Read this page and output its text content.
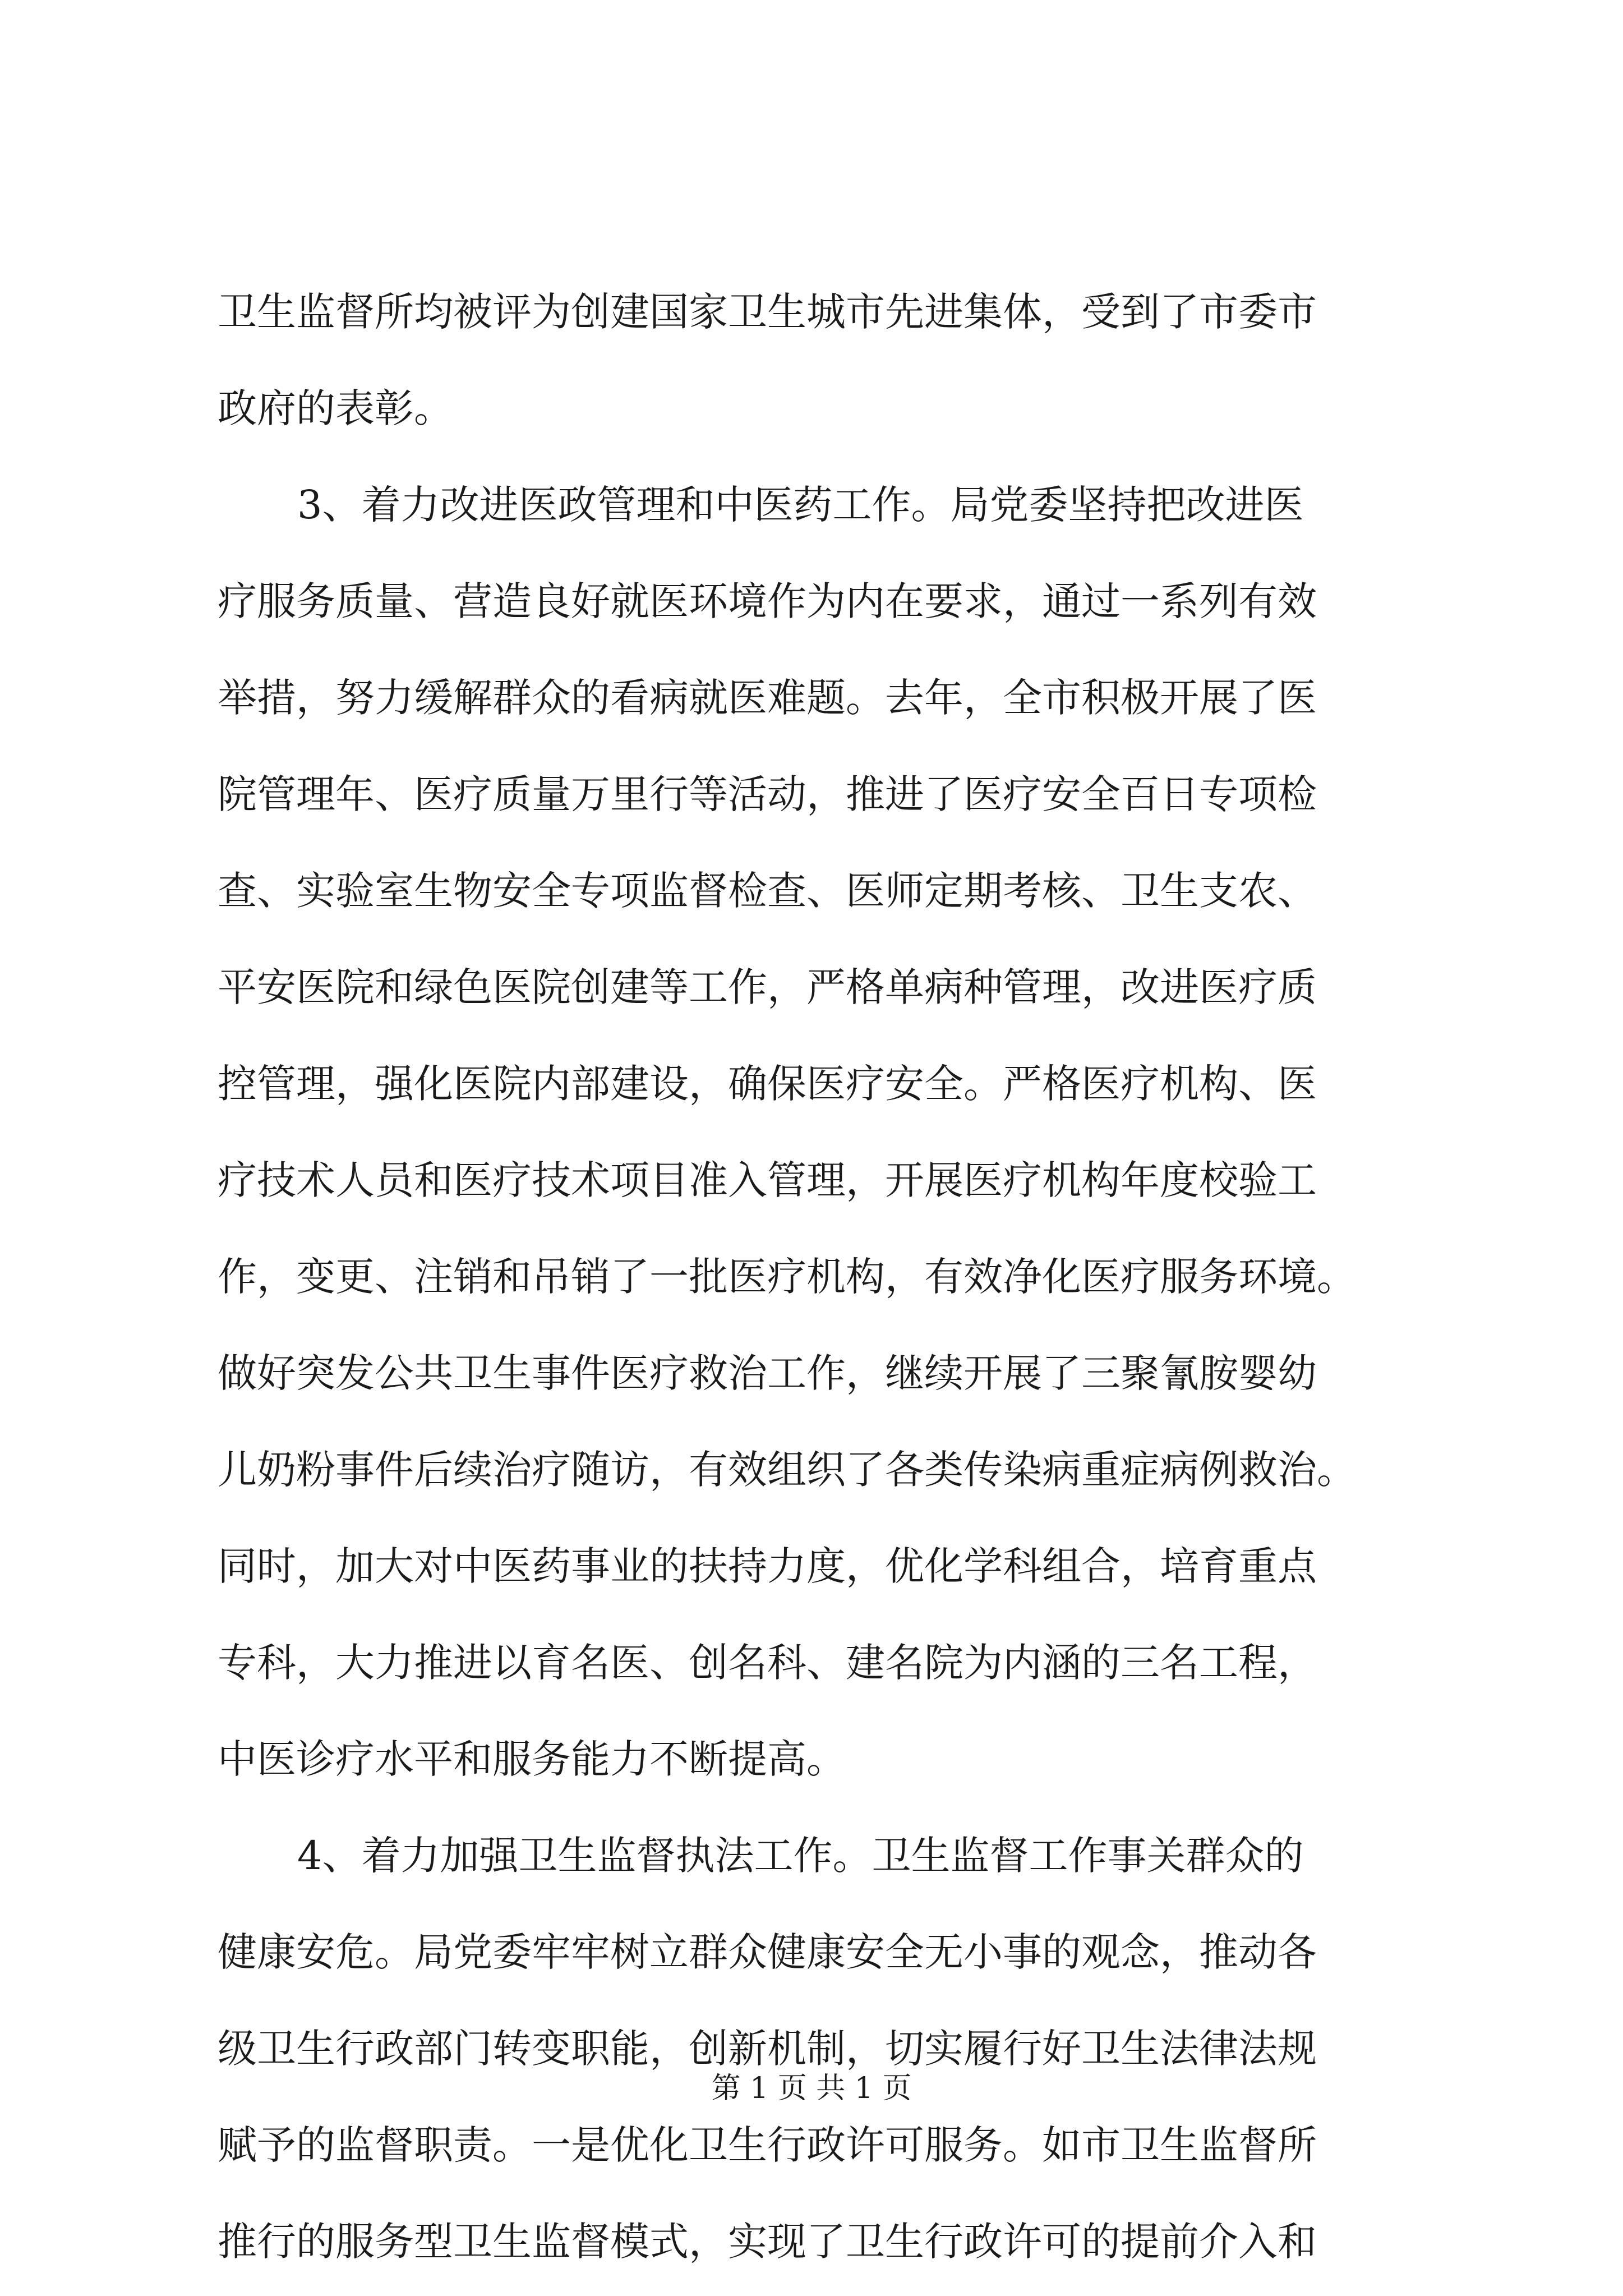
卫生监督所均被评为创建国家卫生城市先进集体，受到了市委市
政府的表彰。
3、着力改进医政管理和中医药工作。局党委坚持把改进医
疗服务质量、营造良好就医环境作为内在要求，通过一系列有效
举措，努力缓解群众的看病就医难题。去年，全市积极开展了医
院管理年、医疗质量万里行等活动，推进了医疗安全百日专项检
查、实验室生物安全专项监督检查、医师定期考核、卫生支农、
平安医院和绿色医院创建等工作，严格单病种管理，改进医疗质
控管理，强化医院内部建设，确保医疗安全。严格医疗机构、医
疗技术人员和医疗技术项目准入管理，开展医疗机构年度校验工
作，变更、注销和吊销了一批医疗机构，有效净化医疗服务环境。
做好突发公共卫生事件医疗救治工作，继续开展了三聚氰胺婴幼
儿奶粉事件后续治疗随访，有效组织了各类传染病重症病例救治。
同时，加大对中医药事业的扶持力度，优化学科组合，培育重点
专科，大力推进以育名医、创名科、建名院为内涵的三名工程，
中医诊疗水平和服务能力不断提高。
4、着力加强卫生监督执法工作。卫生监督工作事关群众的
健康安危。局党委牢牢树立群众健康安全无小事的观念，推动各
级卫生行政部门转变职能，创新机制，切实履行好卫生法律法规
赋予的监督职责。一是优化卫生行政许可服务。如市卫生监督所
推行的服务型卫生监督模式，实现了卫生行政许可的提前介入和
第 1 页 共 1 页
